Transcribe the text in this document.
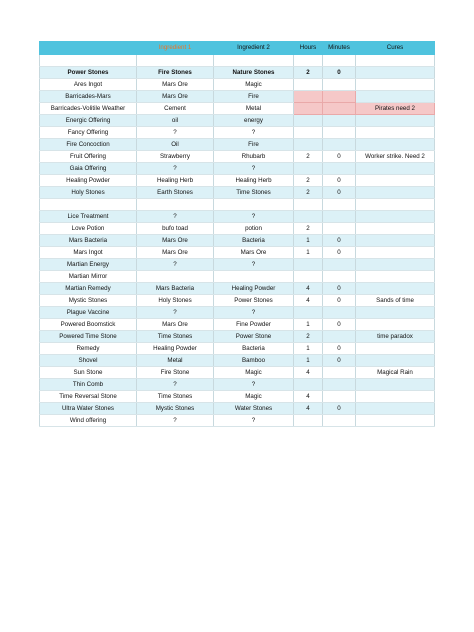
	Ingredient 1	Ingredient 2	Hours	Minutes	Cures

Power Stones	Fire Stones	Nature Stones	2	0	
Ares Ingot	Mars Ore	Magic			
Barricades-Mars	Mars Ore	Fire			
Barricades-Volitile Weather	Cement	Metal			Pirates need 2
Energic Offering	oil	energy			
Fancy Offering	?	?			
Fire Concoction	Oil	Fire			
Fruit Offering	Strawberry	Rhubarb	2	0	Worker strike. Need 2
Gaia Offering	?	?			
Healing Powder	Healing Herb	Healing Herb	2	0	
Holy Stones	Earth Stones	Time Stones	2	0	

Lice Treatment	?	?			
Love Potion	bufo toad	potion	2		
Mars Bacteria	Mars Ore	Bacteria	1	0	
Mars Ingot	Mars Ore	Mars Ore	1	0	
Martian Energy	?	?			
Martian Mirror					
Martian Remedy	Mars Bacteria	Healing Powder	4	0	
Mystic Stones	Holy Stones	Power Stones	4	0	Sands of time
Plague Vaccine	?	?			
Powered Boomstick	Mars Ore	Fine Powder	1	0	
Powered Time Stone	Time Stones	Power Stone	2		time paradox
Remedy	Healing Powder	Bacteria	1	0	
Shovel	Metal	Bamboo	1	0	
Sun Stone	Fire Stone	Magic	4		Magical Rain
Thin Comb	?	?			
Time Reversal Stone	Time Stones	Magic	4		
Ultra Water Stones	Mystic Stones	Water Stones	4	0	
Wind offering	?	?			
